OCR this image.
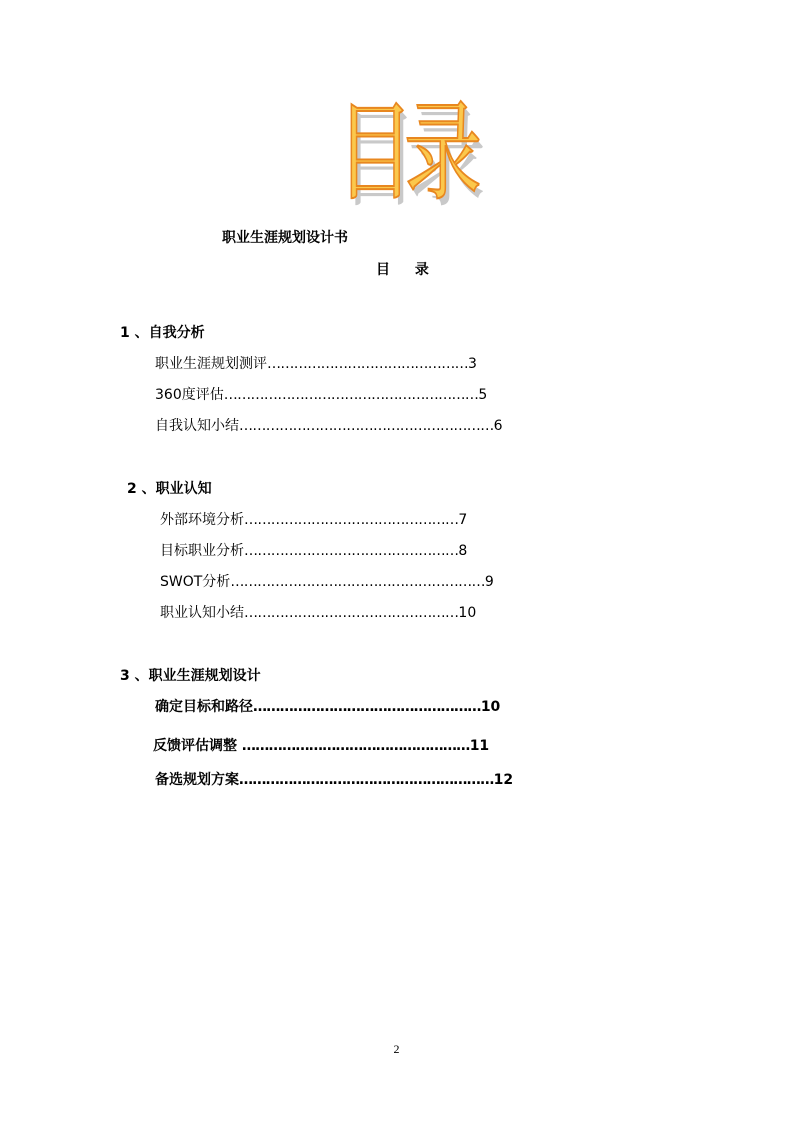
目录
职业生涯规划设计书
目 录
1 、自我分析
职业生涯规划测评………………………………………3
360度评估…………………………………………………5
自我认知小结…………………………………………………6
2 、职业认知
外部环境分析…………………………………………7
目标职业分析…………………………………………8
SWOT分析…………………………………………………9
职业认知小结…………………………………………10
3 、职业生涯规划设计
确定目标和路径……………………………………………10
反馈评估调整 ……………………………………………11
备选规划方案…………………………………………………12
2
